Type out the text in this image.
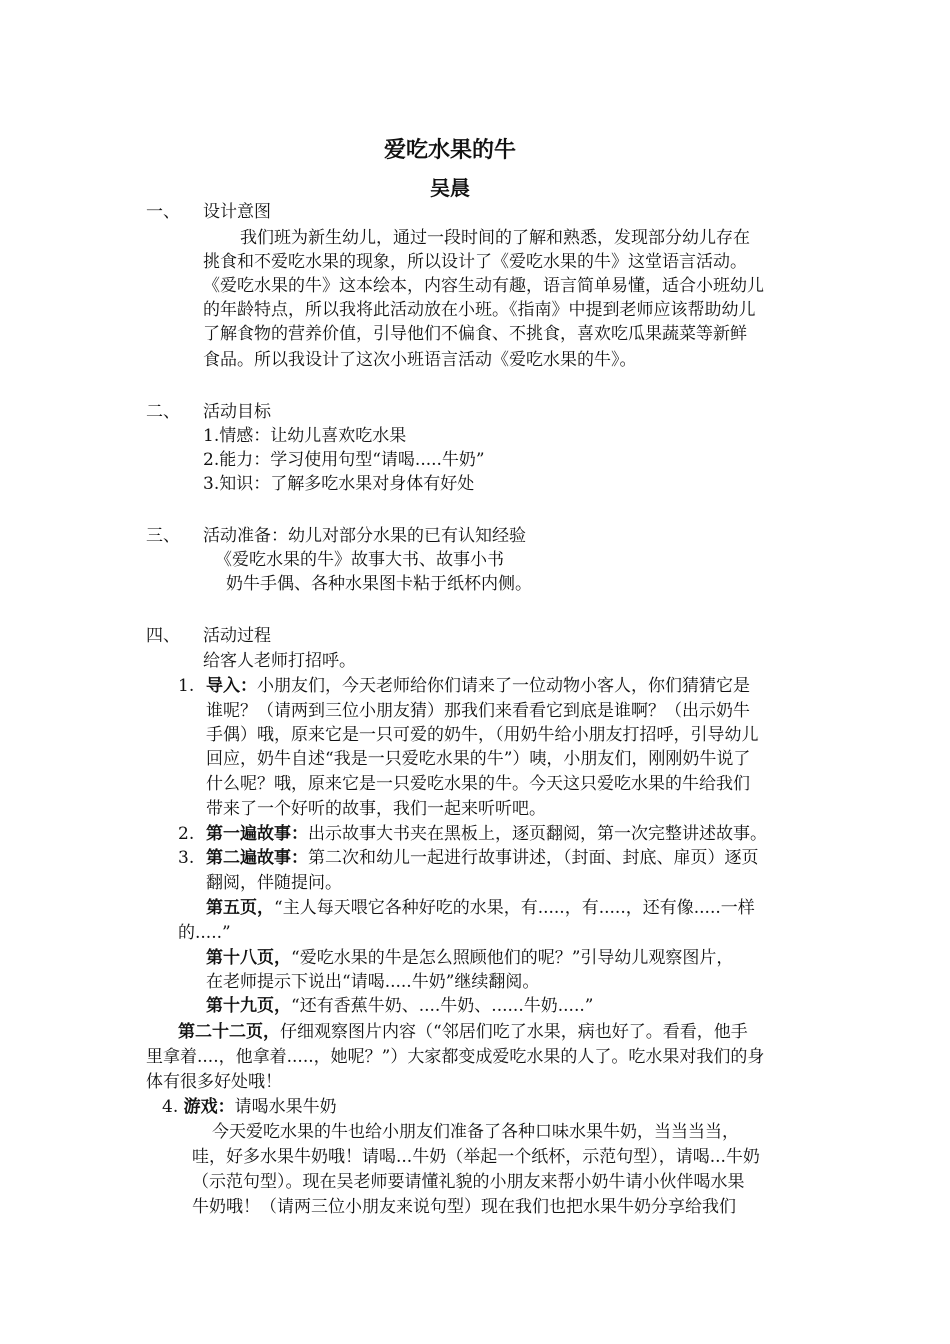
爱吃水果的牛
吴晨
一、 设计意图
我们班为新生幼儿，通过一段时间的了解和熟悉，发现部分幼儿存在
挑食和不爱吃水果的现象，所以设计了《爱吃水果的牛》这堂语言活动。
《爱吃水果的牛》这本绘本，内容生动有趣，语言简单易懂，适合小班幼儿
的年龄特点，所以我将此活动放在小班。《指南》中提到老师应该帮助幼儿
了解食物的营养价值，引导他们不偏食、不挑食，喜欢吃瓜果蔬菜等新鲜
食品。所以我设计了这次小班语言活动《爱吃水果的牛》。
二、 活动目标
1.情感：让幼儿喜欢吃水果
2.能力：学习使用句型“请喝.....牛奶”
3.知识：了解多吃水果对身体有好处
三、 活动准备：幼儿对部分水果的已有认知经验
《爱吃水果的牛》故事大书、故事小书
奶牛手偶、各种水果图卡粘于纸杯内侧。
四、 活动过程
给客人老师打招呼。
1. 导入：小朋友们，今天老师给你们请来了一位动物小客人，你们猜猜它是
谁呢？（请两到三位小朋友猜）那我们来看看它到底是谁啊？（出示奶牛
手偶）哦，原来它是一只可爱的奶牛，（用奶牛给小朋友打招呼，引导幼儿
回应，奶牛自述“我是一只爱吃水果的牛”）咦，小朋友们，刚刚奶牛说了
什么呢？哦，原来它是一只爱吃水果的牛。今天这只爱吃水果的牛给我们
带来了一个好听的故事，我们一起来听听吧。
2. 第一遍故事：出示故事大书夹在黑板上，逐页翻阅，第一次完整讲述故事。
3. 第二遍故事：第二次和幼儿一起进行故事讲述，（封面、封底、扉页）逐页
翻阅，伴随提问。
第五页，“主人每天喂它各种好吃的水果，有.....，有.....，还有像.....一样
的.....”
第十八页，“爱吃水果的牛是怎么照顾他们的呢？”引导幼儿观察图片，
在老师提示下说出“请喝.....牛奶”继续翻阅。
第十九页，“还有香蕉牛奶、....牛奶、......牛奶.....”
第二十二页，仔细观察图片内容（“邻居们吃了水果，病也好了。看看，他手
里拿着....，他拿着.....，她呢？”）大家都变成爱吃水果的人了。吃水果对我们的身
体有很多好处哦！
4. 游戏：请喝水果牛奶
今天爱吃水果的牛也给小朋友们准备了各种口味水果牛奶，当当当当，
哇，好多水果牛奶哦！请喝...牛奶（举起一个纸杯，示范句型），请喝...牛奶
（示范句型）。现在吴老师要请懂礼貌的小朋友来帮小奶牛请小伙伴喝水果
牛奶哦！（请两三位小朋友来说句型）现在我们也把水果牛奶分享给我们
